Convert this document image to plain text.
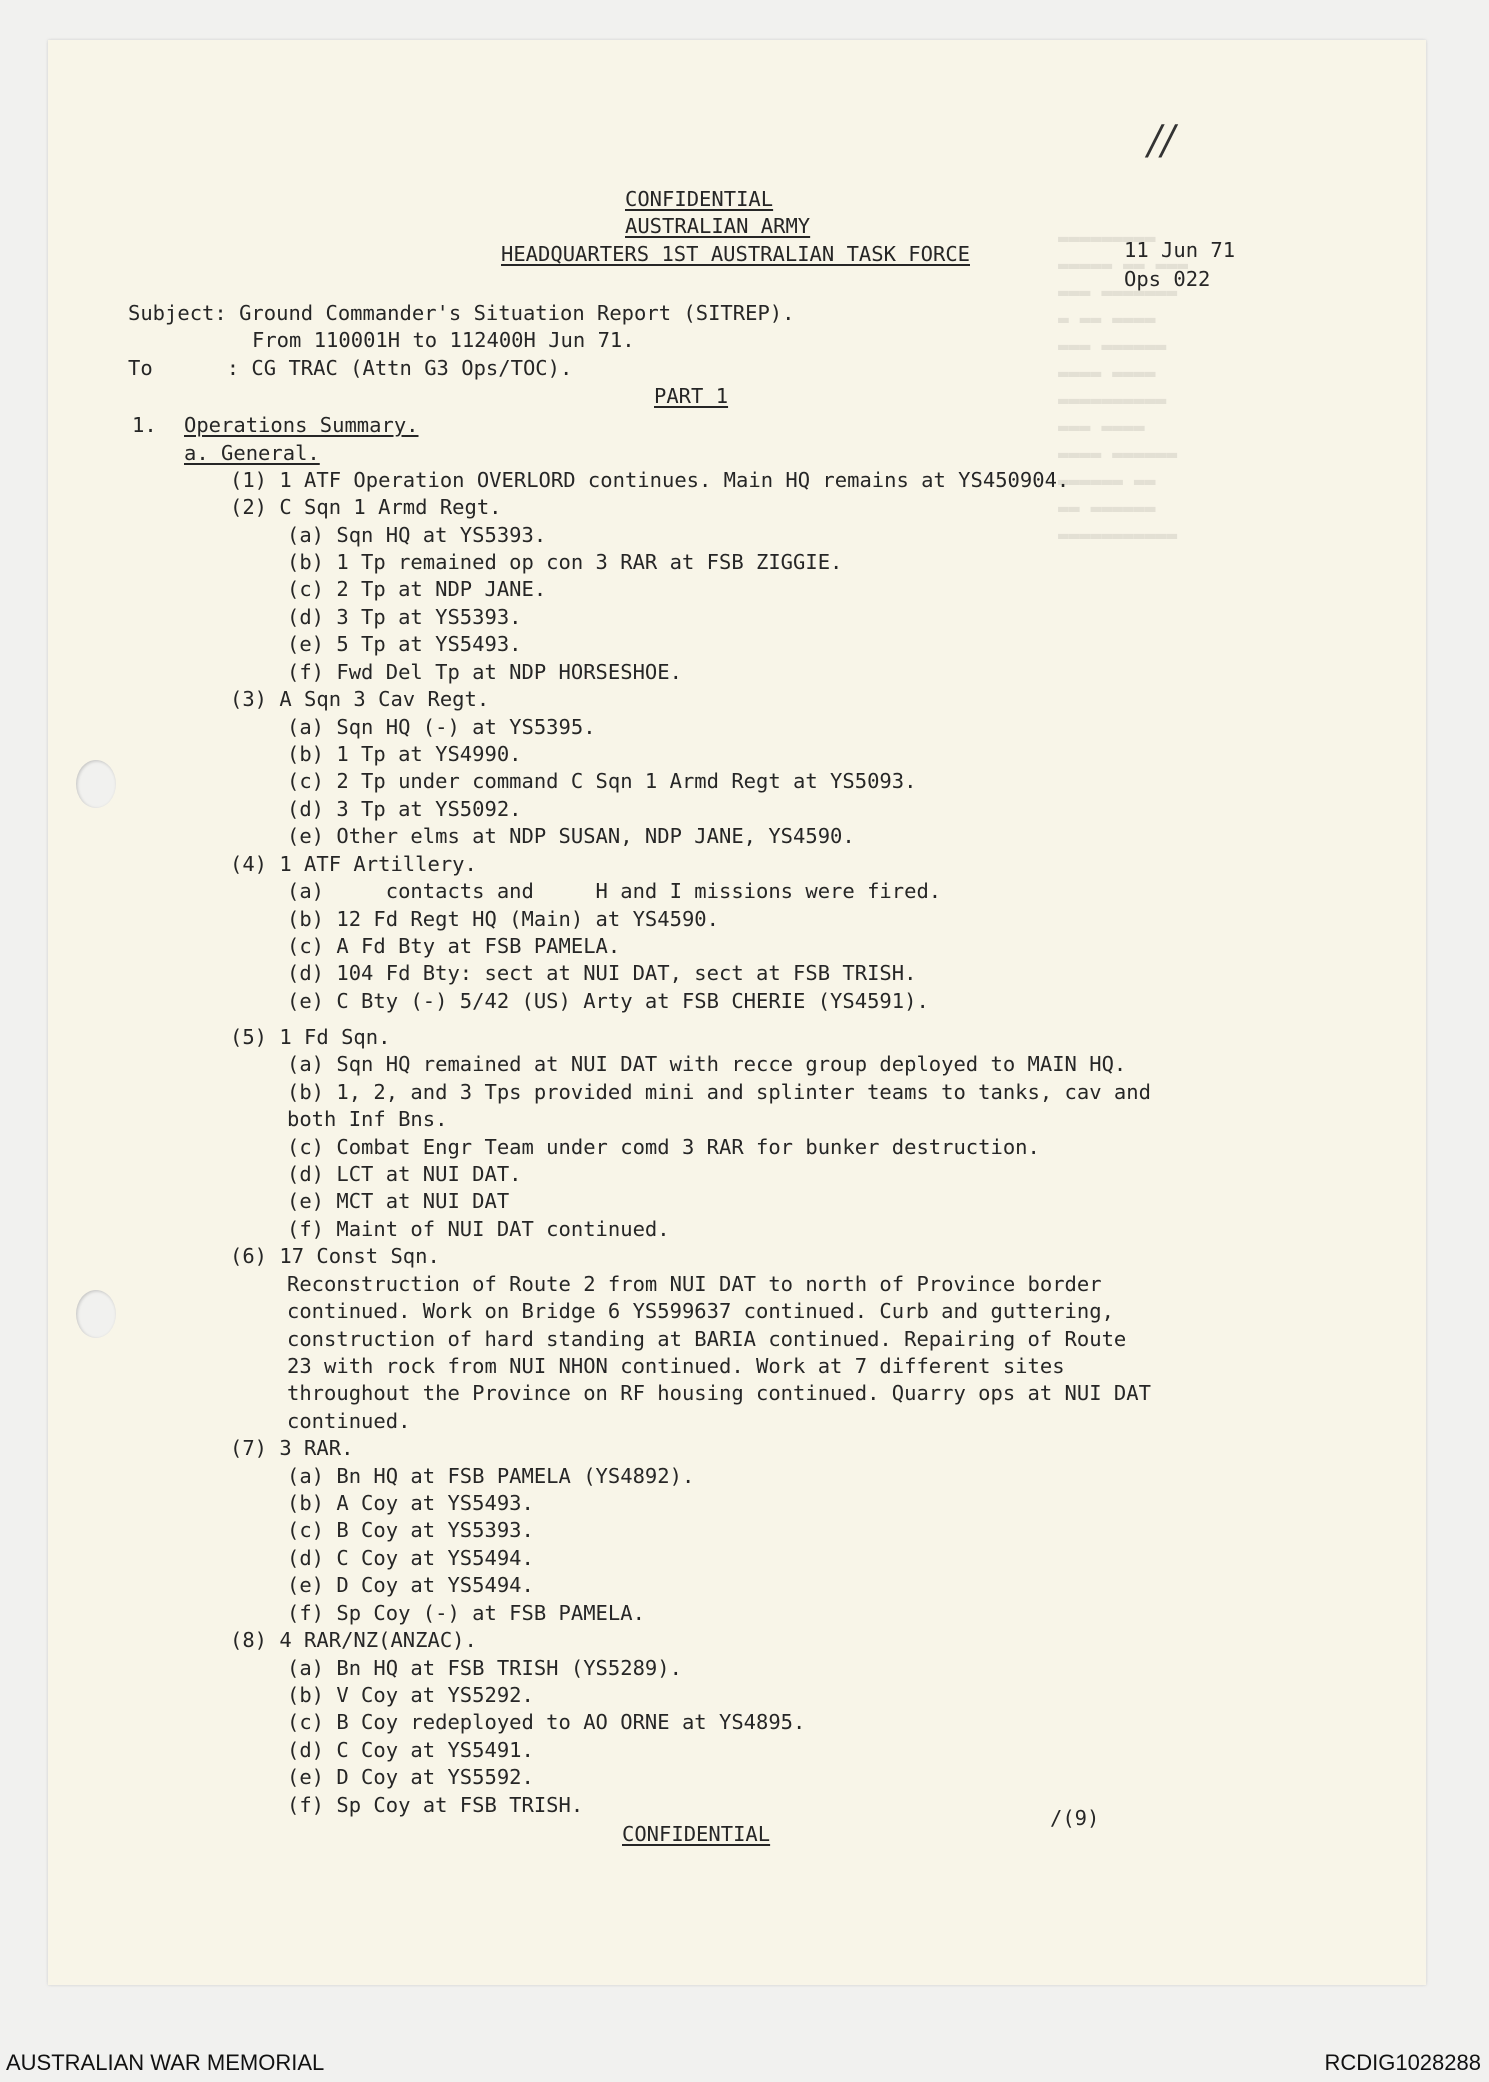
▬▬▬▬▬▬▬▬▬
▬▬▬▬▬ ▬▬ ▬▬▬
▬▬▬ ▬▬▬▬▬▬▬
▬ ▬▬ ▬▬▬▬
▬▬▬ ▬▬▬▬▬▬
▬▬▬▬ ▬▬▬▬
▬▬▬▬▬▬▬▬▬▬
▬▬▬ ▬▬▬▬
▬▬▬▬ ▬▬▬▬▬▬
▬▬▬▬▬▬ ▬▬
▬▬ ▬▬▬▬▬▬
▬▬▬▬▬▬▬▬▬▬▬
//
CONFIDENTIAL
AUSTRALIAN ARMY
HEADQUARTERS 1ST AUSTRALIAN TASK FORCE	11 Jun 71
Ops 022
Subject: Ground Commander's Situation Report (SITREP).
From 110001H to 112400H Jun 71.
To      : CG TRAC (Attn G3 Ops/TOC).
PART 1
1. Operations Summary.
a. General.
(1) 1 ATF Operation OVERLORD continues. Main HQ remains at YS450904.
(2) C Sqn 1 Armd Regt.
(a) Sqn HQ at YS5393.
(b) 1 Tp remained op con 3 RAR at FSB ZIGGIE.
(c) 2 Tp at NDP JANE.
(d) 3 Tp at YS5393.
(e) 5 Tp at YS5493.
(f) Fwd Del Tp at NDP HORSESHOE.
(3) A Sqn 3 Cav Regt.
(a) Sqn HQ (-) at YS5395.
(b) 1 Tp at YS4990.
(c) 2 Tp under command C Sqn 1 Armd Regt at YS5093.
(d) 3 Tp at YS5092.
(e) Other elms at NDP SUSAN, NDP JANE, YS4590.
(4) 1 ATF Artillery.
(a)     contacts and     H and I missions were fired.
(b) 12 Fd Regt HQ (Main) at YS4590.
(c) A Fd Bty at FSB PAMELA.
(d) 104 Fd Bty: sect at NUI DAT, sect at FSB TRISH.
(e) C Bty (-) 5/42 (US) Arty at FSB CHERIE (YS4591).
(5) 1 Fd Sqn.
(a) Sqn HQ remained at NUI DAT with recce group deployed to MAIN HQ.
(b) 1, 2, and 3 Tps provided mini and splinter teams to tanks, cav and
both Inf Bns.
(c) Combat Engr Team under comd 3 RAR for bunker destruction.
(d) LCT at NUI DAT.
(e) MCT at NUI DAT
(f) Maint of NUI DAT continued.
(6) 17 Const Sqn.
Reconstruction of Route 2 from NUI DAT to north of Province border
continued. Work on Bridge 6 YS599637 continued. Curb and guttering,
construction of hard standing at BARIA continued. Repairing of Route
23 with rock from NUI NHON continued. Work at 7 different sites
throughout the Province on RF housing continued. Quarry ops at NUI DAT
continued.
(7) 3 RAR.
(a) Bn HQ at FSB PAMELA (YS4892).
(b) A Coy at YS5493.
(c) B Coy at YS5393.
(d) C Coy at YS5494.
(e) D Coy at YS5494.
(f) Sp Coy (-) at FSB PAMELA.
(8) 4 RAR/NZ(ANZAC).
(a) Bn HQ at FSB TRISH (YS5289).
(b) V Coy at YS5292.
(c) B Coy redeployed to AO ORNE at YS4895.
(d) C Coy at YS5491.
(e) D Coy at YS5592.
(f) Sp Coy at FSB TRISH.
/(9)
CONFIDENTIAL
AUSTRALIAN WAR MEMORIAL	RCDIG1028288
